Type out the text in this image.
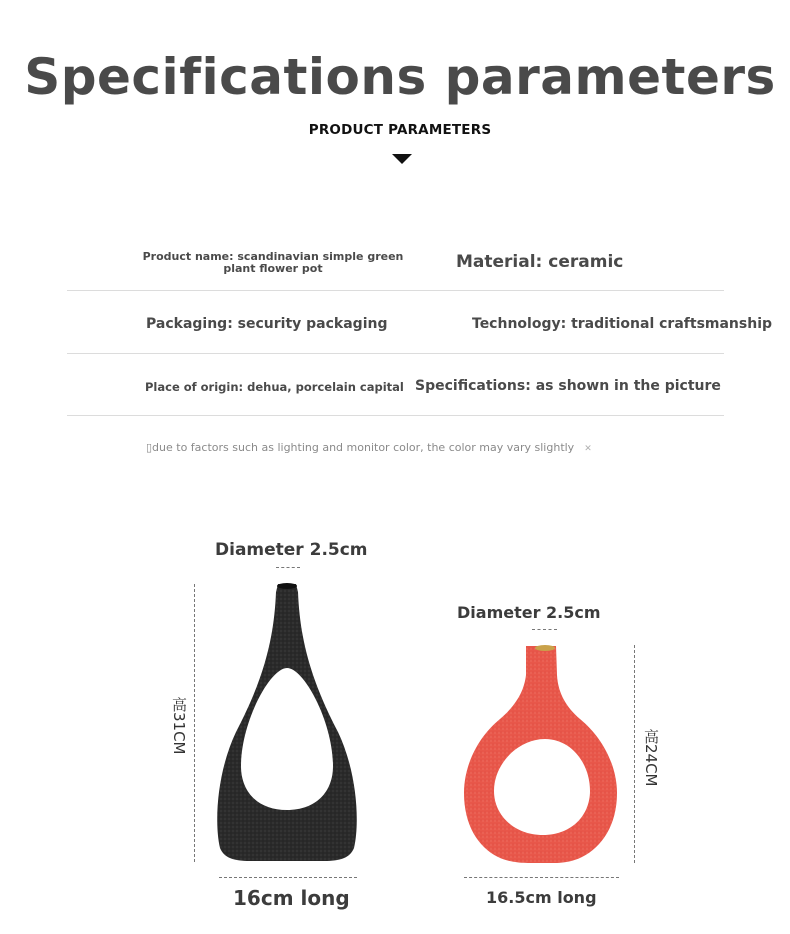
Specifications parameters
PRODUCT PARAMETERS
Product name: scandinavian simple green plant flower pot	Material: ceramic
Packaging: security packaging	Technology: traditional craftsmanship
Place of origin: dehua, porcelain capital Specifications: as shown in the picture
▯due to factors such as lighting and monitor color, the color may vary slightly ✕
Diameter 2.5cm
高31CM
16cm long
Diameter 2.5cm
高24CM
16.5cm long
